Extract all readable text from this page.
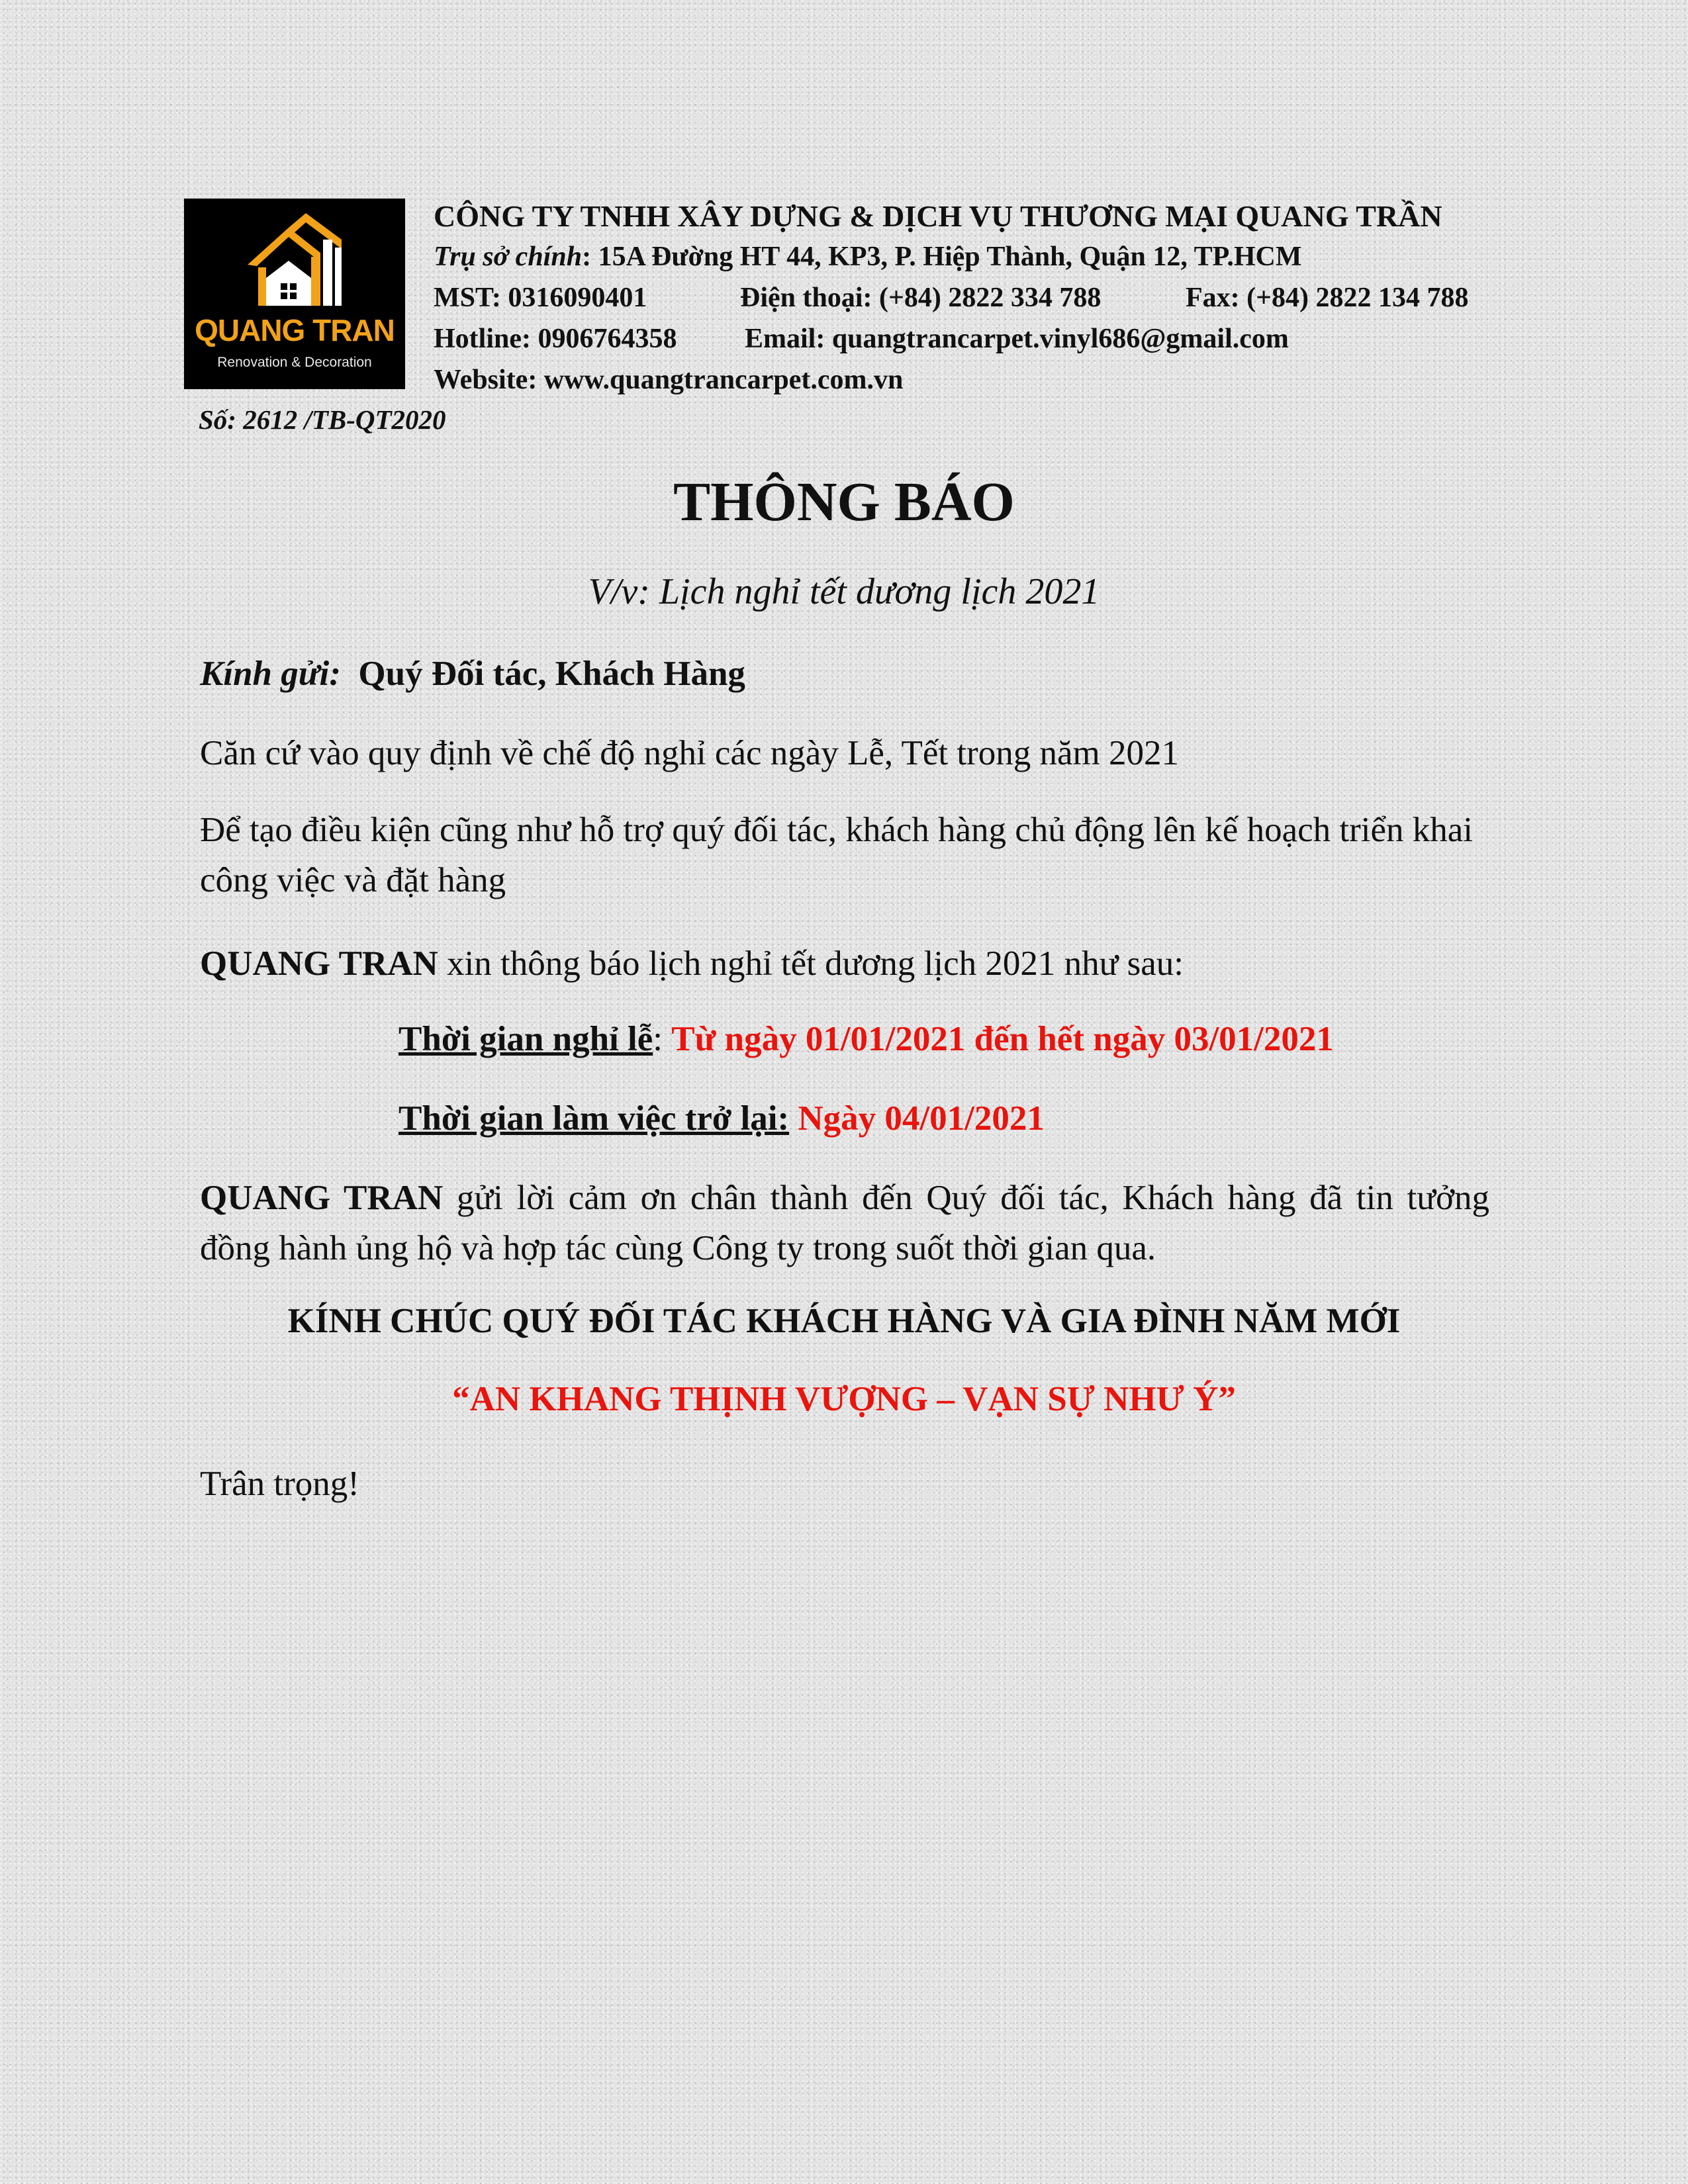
QUANG TRAN
Renovation & Decoration
CÔNG TY TNHH XÂY DỰNG & DỊCH VỤ THƯƠNG MẠI QUANG TRẦN
Trụ sở chính: 15A Đường HT 44, KP3, P. Hiệp Thành, Quận 12, TP.HCM
MST: 0316090401	Điện thoại: (+84) 2822 334 788	Fax: (+84) 2822 134 788
Hotline: 0906764358 Email: quangtrancarpet.vinyl686@gmail.com
Website: www.quangtrancarpet.com.vn
Số: 2612 /TB-QT2020
THÔNG BÁO
V/v: Lịch nghỉ tết dương lịch 2021
Kính gửi: Quý Đối tác, Khách Hàng
Căn cứ vào quy định về chế độ nghỉ các ngày Lễ, Tết trong năm 2021
Để tạo điều kiện cũng như hỗ trợ quý đối tác, khách hàng chủ động lên kế hoạch triển khai công việc và đặt hàng
QUANG TRAN xin thông báo lịch nghỉ tết dương lịch 2021 như sau:
Thời gian nghỉ lễ: Từ ngày 01/01/2021 đến hết ngày 03/01/2021
Thời gian làm việc trở lại: Ngày 04/01/2021
QUANG TRAN gửi lời cảm ơn chân thành đến Quý đối tác, Khách hàng đã tin tưởng đồng hành ủng hộ và hợp tác cùng Công ty trong suốt thời gian qua.
KÍNH CHÚC QUÝ ĐỐI TÁC KHÁCH HÀNG VÀ GIA ĐÌNH NĂM MỚI
“AN KHANG THỊNH VƯỢNG – VẠN SỰ NHƯ Ý”
Trân trọng!
